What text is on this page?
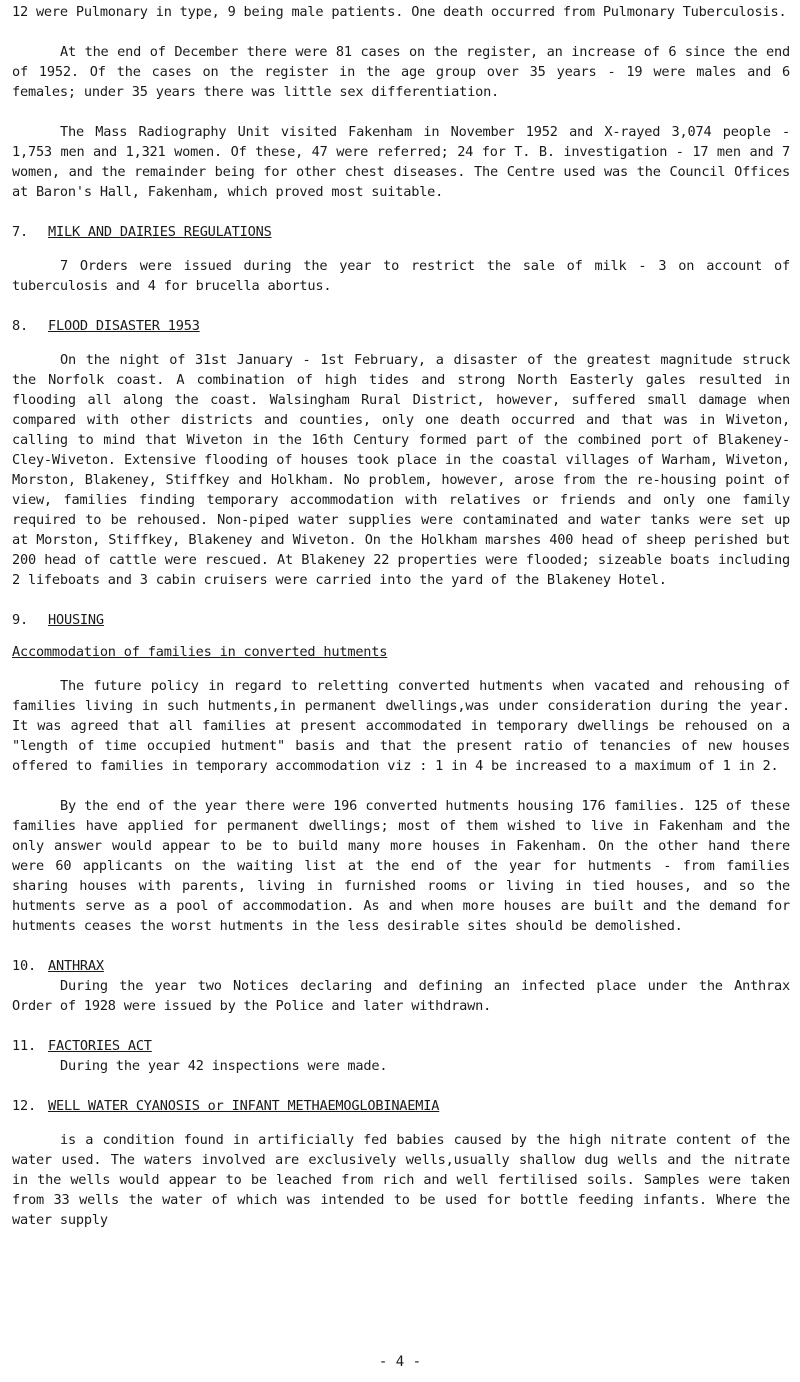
12 were Pulmonary in type, 9 being male patients. One death occurred from Pulmonary Tuberculosis.

At the end of December there were 81 cases on the register, an increase of 6 since the end of 1952. Of the cases on the register in the age group over 35 years - 19 were males and 6 females; under 35 years there was little sex differentiation.

The Mass Radiography Unit visited Fakenham in November 1952 and X-rayed 3,074 people - 1,753 men and 1,321 women. Of these, 47 were referred; 24 for T. B. investigation - 17 men and 7 women, and the remainder being for other chest diseases. The Centre used was the Council Offices at Baron's Hall, Fakenham, which proved most suitable.

7. MILK AND DAIRIES REGULATIONS

7 Orders were issued during the year to restrict the sale of milk - 3 on account of tuberculosis and 4 for brucella abortus.

8. FLOOD DISASTER 1953

On the night of 31st January - 1st February, a disaster of the greatest magnitude struck the Norfolk coast. A combination of high tides and strong North Easterly gales resulted in flooding all along the coast. Walsingham Rural District, however, suffered small damage when compared with other districts and counties, only one death occurred and that was in Wiveton, calling to mind that Wiveton in the 16th Century formed part of the combined port of Blakeney-Cley-Wiveton. Extensive flooding of houses took place in the coastal villages of Warham, Wiveton, Morston, Blakeney, Stiffkey and Holkham. No problem, however, arose from the re-housing point of view, families finding temporary accommodation with relatives or friends and only one family required to be rehoused. Non-piped water supplies were contaminated and water tanks were set up at Morston, Stiffkey, Blakeney and Wiveton. On the Holkham marshes 400 head of sheep perished but 200 head of cattle were rescued. At Blakeney 22 properties were flooded; sizeable boats including 2 lifeboats and 3 cabin cruisers were carried into the yard of the Blakeney Hotel.

9. HOUSING
Accommodation of families in converted hutments

The future policy in regard to reletting converted hutments when vacated and rehousing of families living in such hutments,in permanent dwellings,was under consideration during the year. It was agreed that all families at present accommodated in temporary dwellings be rehoused on a "length of time occupied hutment" basis and that the present ratio of tenancies of new houses offered to families in temporary accommodation viz : 1 in 4 be increased to a maximum of 1 in 2.

By the end of the year there were 196 converted hutments housing 176 families. 125 of these families have applied for permanent dwellings; most of them wished to live in Fakenham and the only answer would appear to be to build many more houses in Fakenham. On the other hand there were 60 applicants on the waiting list at the end of the year for hutments - from families sharing houses with parents, living in furnished rooms or living in tied houses, and so the hutments serve as a pool of accommodation. As and when more houses are built and the demand for hutments ceases the worst hutments in the less desirable sites should be demolished.

10. ANTHRAX

During the year two Notices declaring and defining an infected place under the Anthrax Order of 1928 were issued by the Police and later withdrawn.

11. FACTORIES ACT

During the year 42 inspections were made.

12. WELL WATER CYANOSIS or INFANT METHAEMOGLOBINAEMIA

is a condition found in artificially fed babies caused by the high nitrate content of the water used. The waters involved are exclusively wells,usually shallow dug wells and the nitrate in the wells would appear to be leached from rich and well fertilised soils. Samples were taken from 33 wells the water of which was intended to be used for bottle feeding infants. Where the water supply

- 4 -
